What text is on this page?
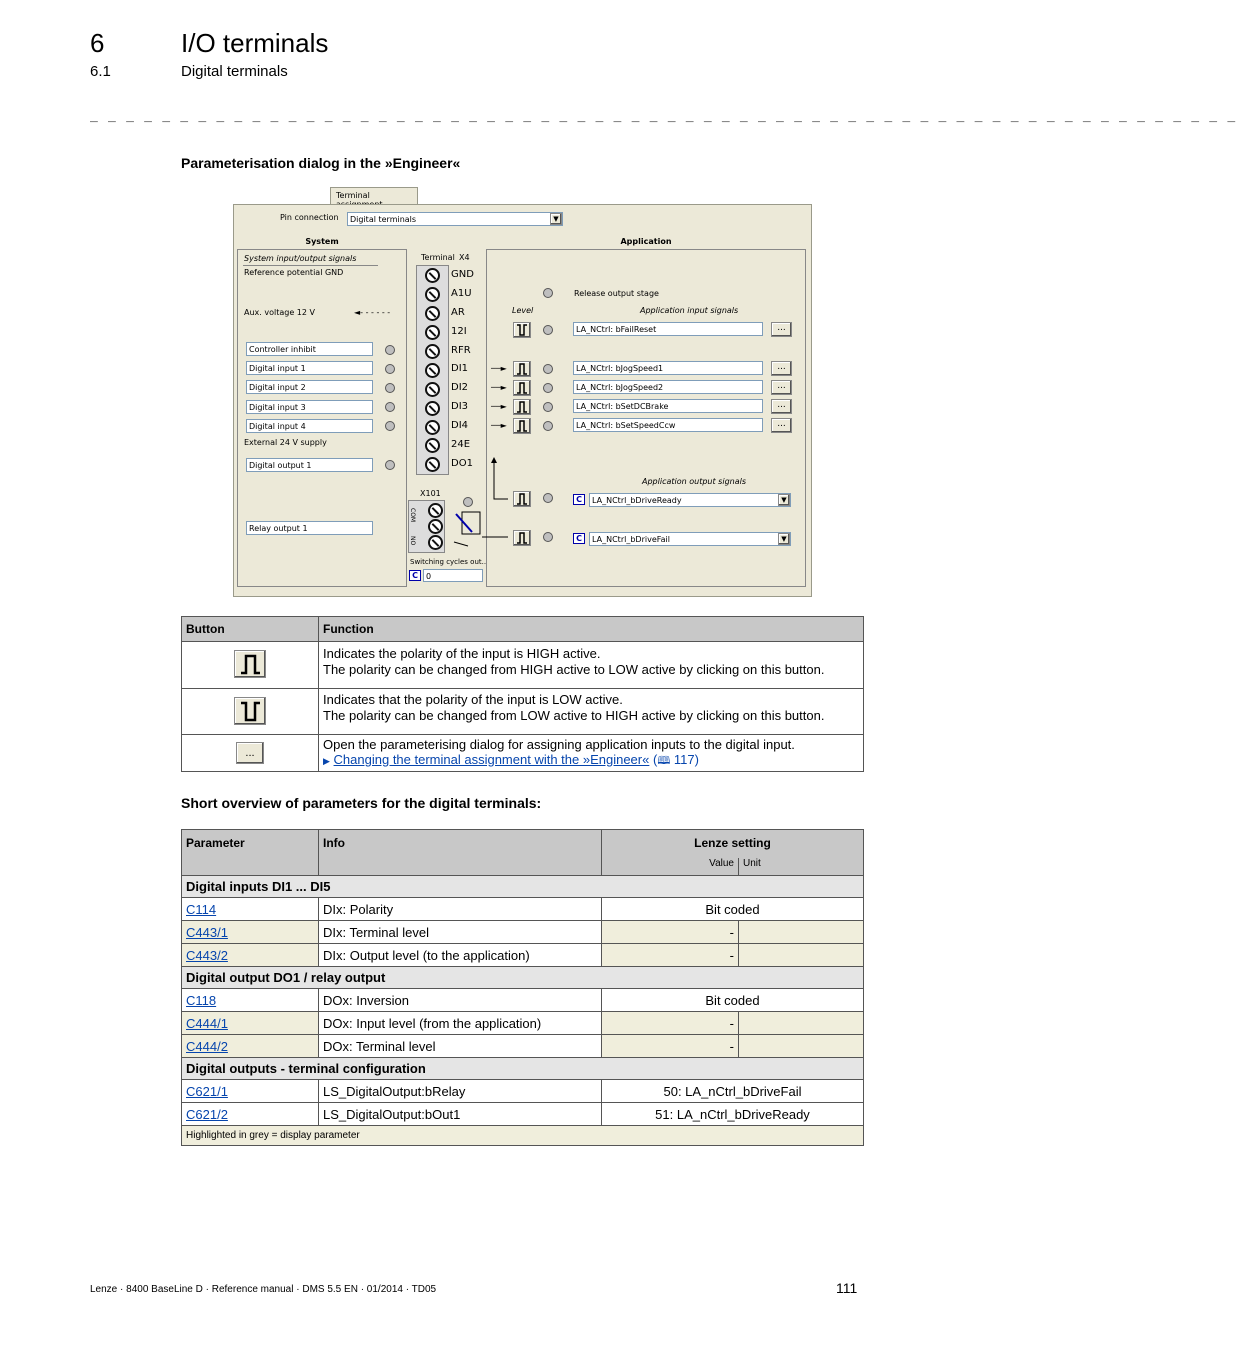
6	I/O terminals
6.1	Digital terminals
_ _ _ _ _ _ _ _ _ _ _ _ _ _ _ _ _ _ _ _ _ _ _ _ _ _ _ _ _ _ _ _ _ _ _ _ _ _ _ _ _ _ _ _ _ _ _ _ _ _ _ _ _ _ _ _ _ _ _ _ _ _ _ _
Parameterisation dialog in the »Engineer«
Terminal
Pin connection	Digital terminals	▼
System
System input/output signals
Reference potential GND
Aux. voltage 12 V	◄- - - - - -
Controller inhibit
Digital input 1
Digital input 2
Digital input 3
Digital input 4
External 24 V supply
Digital output 1
Relay output 1
Terminal X4
GND
A1U
AR
12I
RFR
DI1
DI2
DI3
DI4
24E
DO1
X101
COM
NO
Switching cycles out..
C	0
Application
Release output stage
Level	Application input signals
LA_NCtrl: bFailReset	...
──►	LA_NCtrl: bJogSpeed1	...
──►	LA_NCtrl: bJogSpeed2	...
──►	LA_NCtrl: bSetDCBrake	...
──►	LA_NCtrl: bSetSpeedCcw	...
Application output signals
C	LA_NCtrl_bDriveReady	▼
C	LA_NCtrl_bDriveFail	▼
Button	Function

Indicates the polarity of the input is HIGH active.
The polarity can be changed from HIGH active to LOW active by clicking on this button.

Indicates that the polarity of the input is LOW active.
The polarity can be changed from LOW active to HIGH active by clicking on this button.

...	Open the parameterising dialog for assigning application inputs to the digital input.
▶ Changing the terminal assignment with the »Engineer« (🕮 117)
Short overview of parameters for the digital terminals:
Parameter	Info	Lenze setting	
		Value	Unit
Digital inputs DI1 ... DI5			
C114	DIx: Polarity	Bit coded	
C443/1	DIx: Terminal level	-	
C443/2	DIx: Output level (to the application)	-	
Digital output DO1 / relay output			
C118	DOx: Inversion	Bit coded	
C444/1	DOx: Input level (from the application)	-	
C444/2	DOx: Terminal level	-	
Digital outputs - terminal configuration			
C621/1	LS_DigitalOutput:bRelay	50: LA_nCtrl_bDriveFail	
C621/2	LS_DigitalOutput:bOut1	51: LA_nCtrl_bDriveReady	
Highlighted in grey = display parameter			
Lenze · 8400 BaseLine D · Reference manual · DMS 5.5 EN · 01/2014 · TD05	111
